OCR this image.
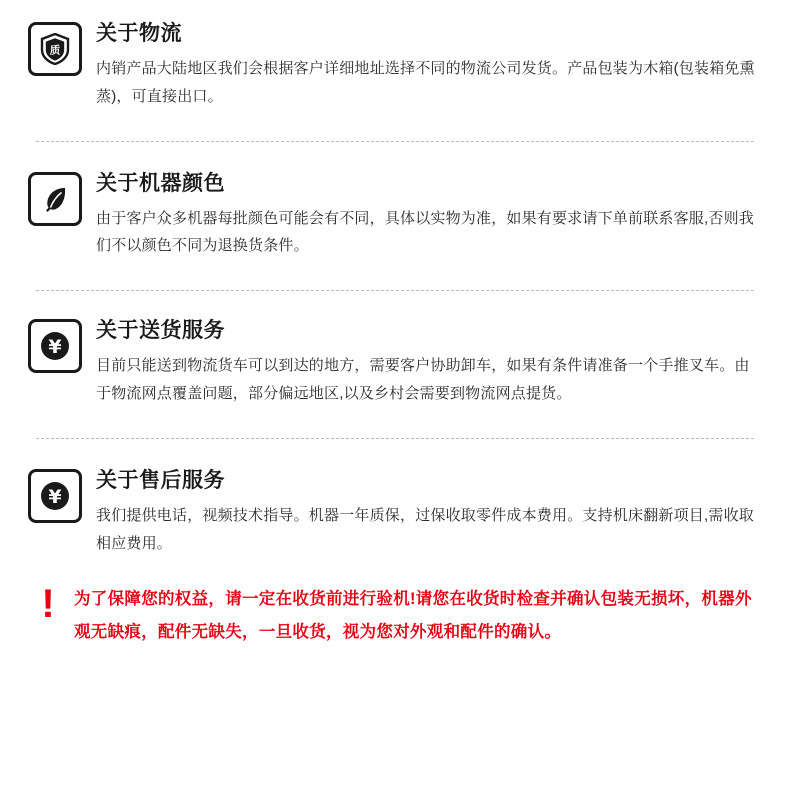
质
关于物流
内销产品大陆地区我们会根据客户详细地址选择不同的物流公司发货。产品包装为木箱(包装箱免熏蒸)，可直接出口。
关于机器颜色
由于客户众多机器每批颜色可能会有不同，具体以实物为准，如果有要求请下单前联系客服,否则我们不以颜色不同为退换货条件。
¥
关于送货服务
目前只能送到物流货车可以到达的地方，需要客户协助卸车，如果有条件请准备一个手推叉车。由于物流网点覆盖问题，部分偏远地区,以及乡村会需要到物流网点提货。
¥
关于售后服务
我们提供电话，视频技术指导。机器一年质保，过保收取零件成本费用。支持机床翻新项目,需收取相应费用。
!	为了保障您的权益，请一定在收货前进行验机!请您在收货时检查并确认包装无损坏，机器外观无缺痕，配件无缺失，一旦收货，视为您对外观和配件的确认。
